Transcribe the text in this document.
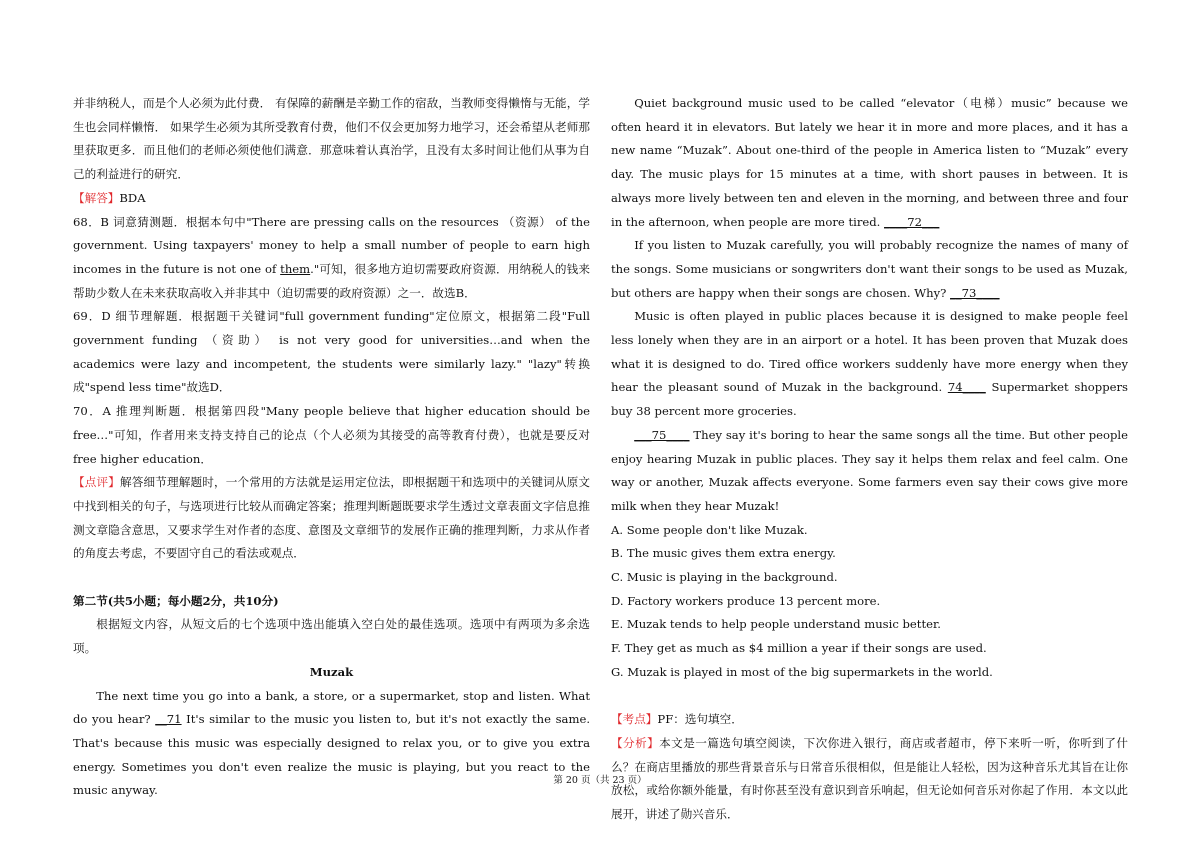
并非纳税人，而是个人必须为此付费． 有保障的薪酬是辛勤工作的宿敌，当教师变得懒惰与无能，学生也会同样懒惰． 如果学生必须为其所受教育付费，他们不仅会更加努力地学习，还会希望从老师那里获取更多．而且他们的老师必须使他们满意．那意味着认真治学，且没有太多时间让他们从事为自己的利益进行的研究．

【解答】BDA

68．B 词意猜测题．根据本句中"There are pressing calls on the resources （资源） of the government. Using taxpayers' money to help a small number of people to earn high incomes in the future is not one of them."可知，很多地方迫切需要政府资源．用纳税人的钱来帮助少数人在未来获取高收入并非其中（迫切需要的政府资源）之一．故选B．

69．D 细节理解题．根据题干关键词"full government funding"定位原文，根据第二段"Full government funding （资助） is not very good for universities…and when the academics were lazy and incompetent, the students were similarly lazy." "lazy"转换成"spend less time"故选D．

70．A 推理判断题．根据第四段"Many people believe that higher education should be free…"可知，作者用来支持支持自己的论点（个人必须为其接受的高等教育付费），也就是要反对 free higher education．

【点评】解答细节理解题时，一个常用的方法就是运用定位法，即根据题干和选项中的关键词从原文中找到相关的句子，与选项进行比较从而确定答案；推理判断题既要求学生透过文章表面文字信息推测文章隐含意思，又要求学生对作者的态度、意图及文章细节的发展作正确的推理判断，力求从作者的角度去考虑，不要固守自己的看法或观点．

第二节(共5小题；每小题2分，共10分)

根据短文内容，从短文后的七个选项中选出能填入空白处的最佳选项。选项中有两项为多余选项。

Muzak

The next time you go into a bank, a store, or a supermarket, stop and listen. What do you hear? __71 It's similar to the music you listen to, but it's not exactly the same. That's because this music was especially designed to relax you, or to give you extra energy. Sometimes you don't even realize the music is playing, but you react to the music anyway.

Quiet background music used to be called “elevator（电梯）music” because we often heard it in elevators. But lately we hear it in more and more places, and it has a new name “Muzak”. About one-third of the people in America listen to “Muzak” every day. The music plays for 15 minutes at a time, with short pauses in between. It is always more lively between ten and eleven in the morning, and between three and four in the afternoon, when people are more tired. ____72___

If you listen to Muzak carefully, you will probably recognize the names of many of the songs. Some musicians or songwriters don't want their songs to be used as Muzak, but others are happy when their songs are chosen. Why? __73____

Music is often played in public places because it is designed to make people feel less lonely when they are in an airport or a hotel. It has been proven that Muzak does what it is designed to do. Tired office workers suddenly have more energy when they hear the pleasant sound of Muzak in the background. 74____ Supermarket shoppers buy 38 percent more groceries.

___75____ They say it's boring to hear the same songs all the time. But other people enjoy hearing Muzak in public places. They say it helps them relax and feel calm. One way or another, Muzak affects everyone. Some farmers even say their cows give more milk when they hear Muzak!

A. Some people don't like Muzak.

B. The music gives them extra energy.

C. Music is playing in the background.

D. Factory workers produce 13 percent more.

E. Muzak tends to help people understand music better.

F. They get as much as $4 million a year if their songs are used.

G. Muzak is played in most of the big supermarkets in the world.

【考点】PF：选句填空．

【分析】本文是一篇选句填空阅读，下次你进入银行，商店或者超市，停下来听一听，你听到了什么？在商店里播放的那些背景音乐与日常音乐很相似，但是能让人轻松，因为这种音乐尤其旨在让你放松，或给你额外能量，有时你甚至没有意识到音乐响起，但无论如何音乐对你起了作用．本文以此展开，讲述了勋兴音乐．

第 20 页（共 23 页）
